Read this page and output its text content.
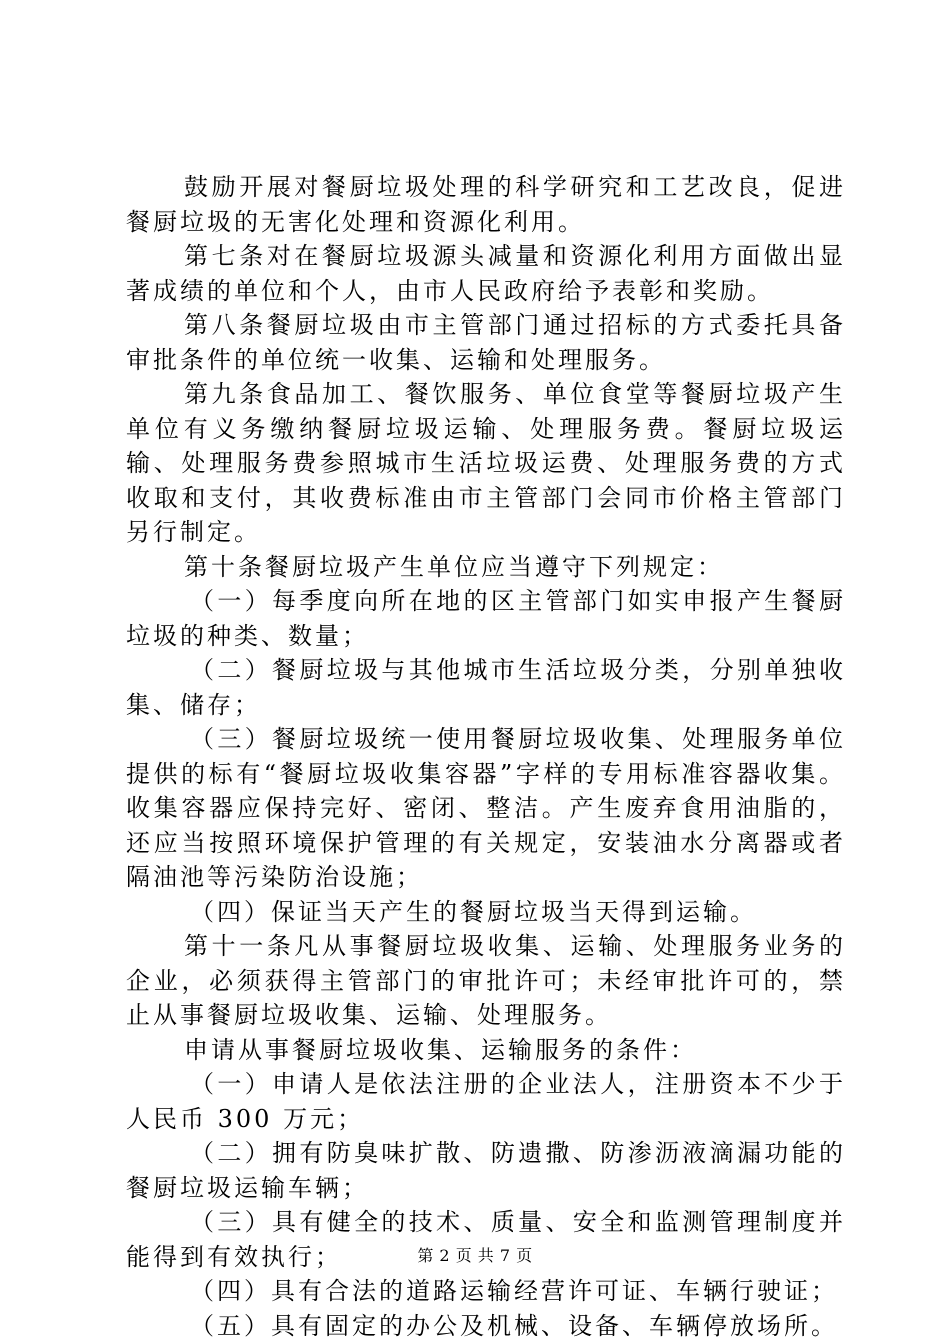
鼓励开展对餐厨垃圾处理的科学研究和工艺改良，促进餐厨垃圾的无害化处理和资源化利用。

第七条对在餐厨垃圾源头减量和资源化利用方面做出显著成绩的单位和个人，由市人民政府给予表彰和奖励。

第八条餐厨垃圾由市主管部门通过招标的方式委托具备审批条件的单位统一收集、运输和处理服务。

第九条食品加工、餐饮服务、单位食堂等餐厨垃圾产生单位有义务缴纳餐厨垃圾运输、处理服务费。餐厨垃圾运输、处理服务费参照城市生活垃圾运费、处理服务费的方式收取和支付，其收费标准由市主管部门会同市价格主管部门另行制定。

第十条餐厨垃圾产生单位应当遵守下列规定：

（一）每季度向所在地的区主管部门如实申报产生餐厨垃圾的种类、数量；

（二）餐厨垃圾与其他城市生活垃圾分类，分别单独收集、储存；

（三）餐厨垃圾统一使用餐厨垃圾收集、处理服务单位提供的标有“餐厨垃圾收集容器”字样的专用标准容器收集。收集容器应保持完好、密闭、整洁。产生废弃食用油脂的，还应当按照环境保护管理的有关规定，安装油水分离器或者隔油池等污染防治设施；

（四）保证当天产生的餐厨垃圾当天得到运输。

第十一条凡从事餐厨垃圾收集、运输、处理服务业务的企业，必须获得主管部门的审批许可；未经审批许可的，禁止从事餐厨垃圾收集、运输、处理服务。

申请从事餐厨垃圾收集、运输服务的条件：

（一）申请人是依法注册的企业法人，注册资本不少于人民币 300 万元；

（二）拥有防臭味扩散、防遗撒、防渗沥液滴漏功能的餐厨垃圾运输车辆；

（三）具有健全的技术、质量、安全和监测管理制度并能得到有效执行；

（四）具有合法的道路运输经营许可证、车辆行驶证；

（五）具有固定的办公及机械、设备、车辆停放场所。

第 2 页 共 7 页
